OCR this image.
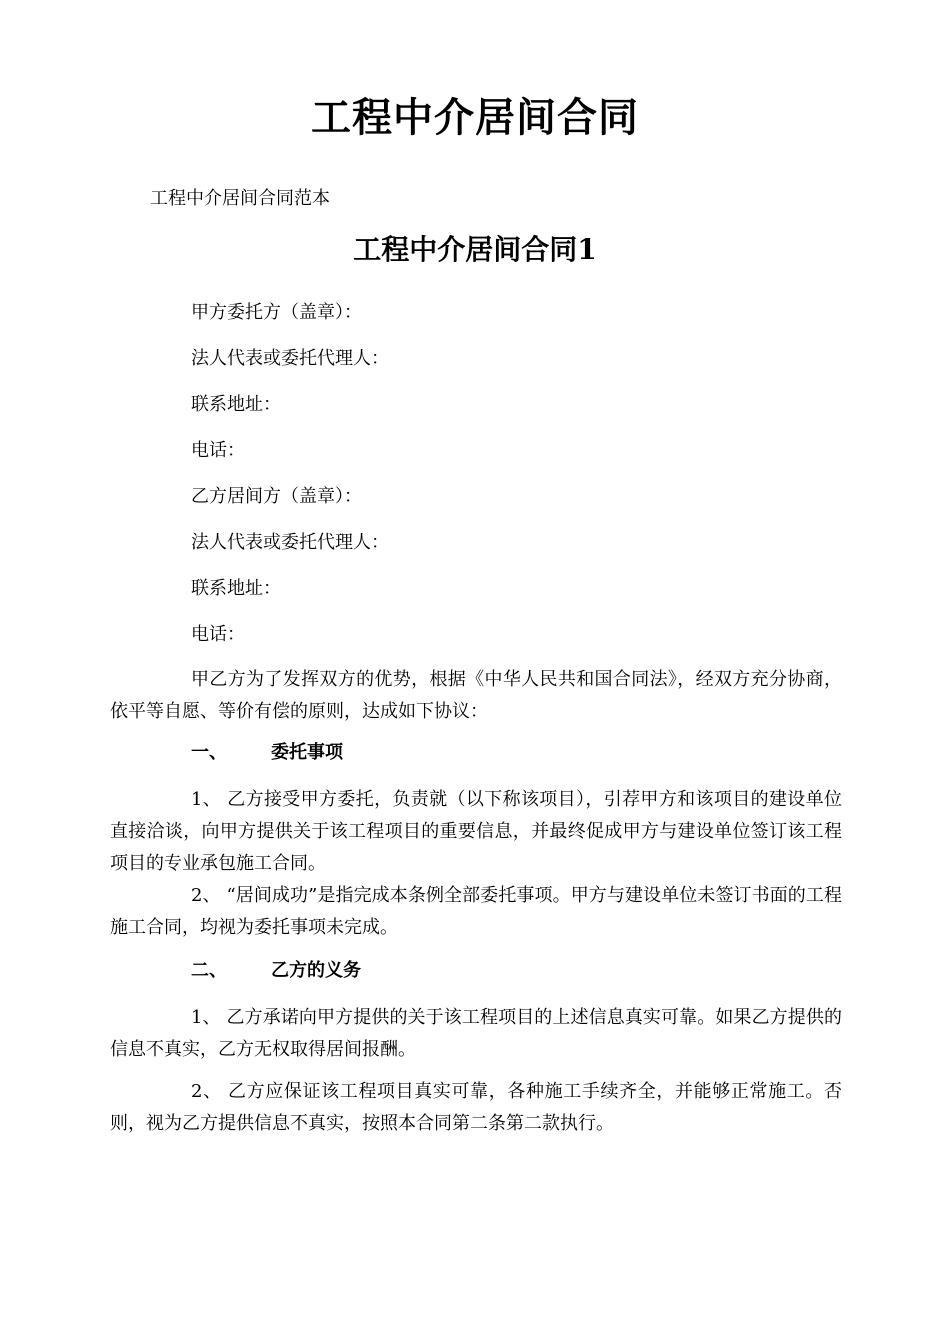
工程中介居间合同

工程中介居间合同范本

工程中介居间合同1

甲方委托方（盖章）：

法人代表或委托代理人：

联系地址：

电话：

乙方居间方（盖章）：

法人代表或委托代理人：

联系地址：

电话：

甲乙方为了发挥双方的优势，根据《中华人民共和国合同法》，经双方充分协商，依平等自愿、等价有偿的原则，达成如下协议：

一、 委托事项

1、 乙方接受甲方委托，负责就（以下称该项目），引荐甲方和该项目的建设单位直接洽谈，向甲方提供关于该工程项目的重要信息，并最终促成甲方与建设单位签订该工程项目的专业承包施工合同。

2、 “居间成功”是指完成本条例全部委托事项。甲方与建设单位未签订书面的工程施工合同，均视为委托事项未完成。

二、 乙方的义务

1、 乙方承诺向甲方提供的关于该工程项目的上述信息真实可靠。如果乙方提供的信息不真实，乙方无权取得居间报酬。

2、 乙方应保证该工程项目真实可靠，各种施工手续齐全，并能够正常施工。否则，视为乙方提供信息不真实，按照本合同第二条第二款执行。
